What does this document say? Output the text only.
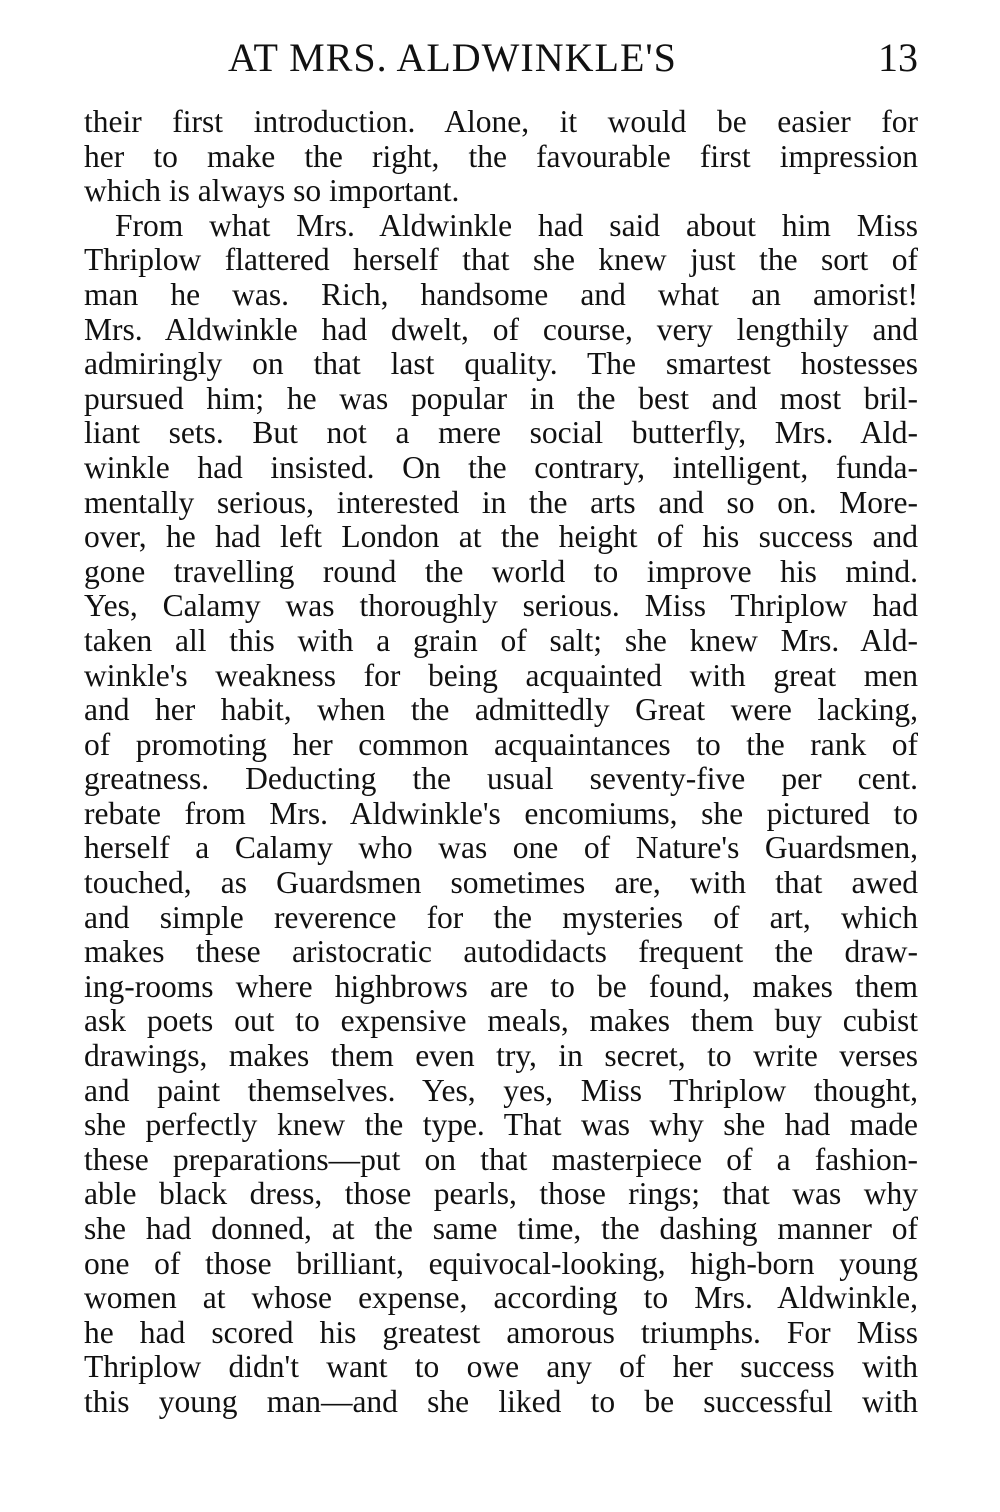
AT MRS. ALDWINKLE'S	13
their first introduction. Alone, it would be easier for
her to make the right, the favourable first impression
which is always so important.
From what Mrs. Aldwinkle had said about him Miss
Thriplow flattered herself that she knew just the sort of
man he was. Rich, handsome and what an amorist!
Mrs. Aldwinkle had dwelt, of course, very lengthily and
admiringly on that last quality. The smartest hostesses
pursued him; he was popular in the best and most bril-
liant sets. But not a mere social butterfly, Mrs. Ald-
winkle had insisted. On the contrary, intelligent, funda-
mentally serious, interested in the arts and so on. More-
over, he had left London at the height of his success and
gone travelling round the world to improve his mind.
Yes, Calamy was thoroughly serious. Miss Thriplow had
taken all this with a grain of salt; she knew Mrs. Ald-
winkle's weakness for being acquainted with great men
and her habit, when the admittedly Great were lacking,
of promoting her common acquaintances to the rank of
greatness. Deducting the usual seventy-five per cent.
rebate from Mrs. Aldwinkle's encomiums, she pictured to
herself a Calamy who was one of Nature's Guardsmen,
touched, as Guardsmen sometimes are, with that awed
and simple reverence for the mysteries of art, which
makes these aristocratic autodidacts frequent the draw-
ing-rooms where highbrows are to be found, makes them
ask poets out to expensive meals, makes them buy cubist
drawings, makes them even try, in secret, to write verses
and paint themselves. Yes, yes, Miss Thriplow thought,
she perfectly knew the type. That was why she had made
these preparations—put on that masterpiece of a fashion-
able black dress, those pearls, those rings; that was why
she had donned, at the same time, the dashing manner of
one of those brilliant, equivocal-looking, high-born young
women at whose expense, according to Mrs. Aldwinkle,
he had scored his greatest amorous triumphs. For Miss
Thriplow didn't want to owe any of her success with
this young man—and she liked to be successful with
